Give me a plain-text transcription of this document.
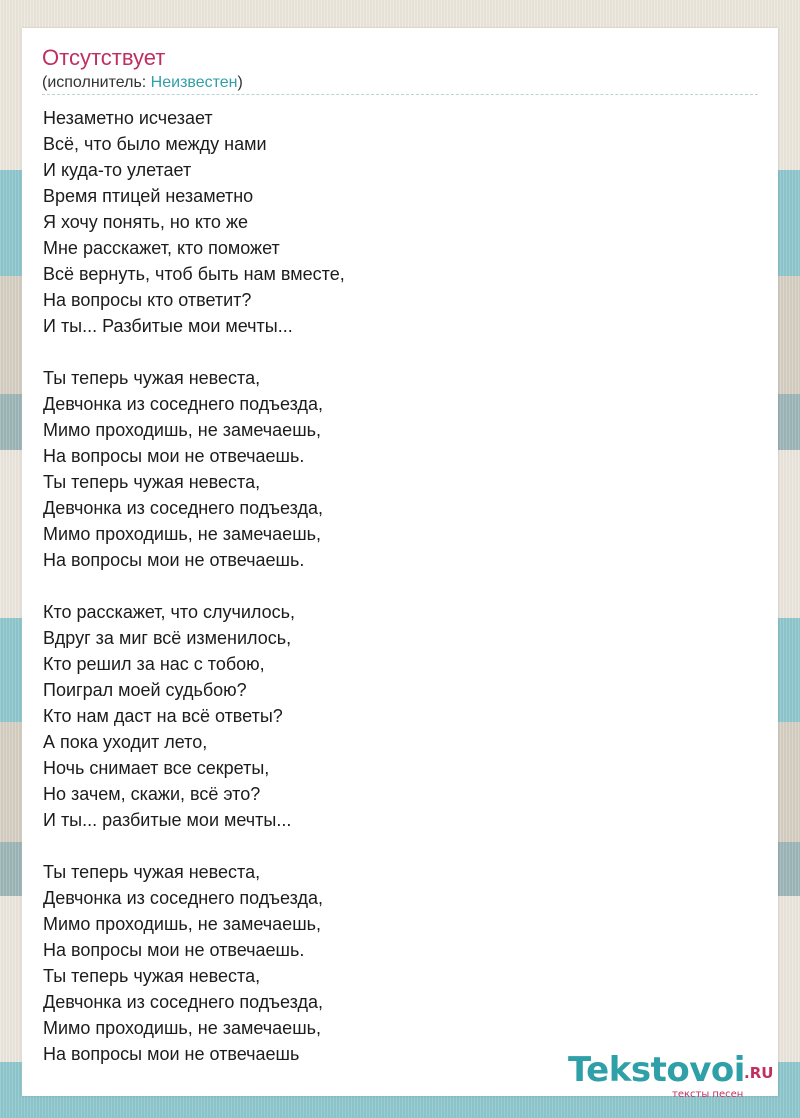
Отсутствует
(исполнитель: Неизвестен)
Незаметно исчезает
Всё, что было между нами
И куда-то улетает
Время птицей незаметно
Я хочу понять, но кто же
Мне расскажет, кто поможет
Всё вернуть, чтоб быть нам вместе,
На вопросы кто ответит?
И ты... Разбитые мои мечты...
Ты теперь чужая невеста,
Девчонка из соседнего подъезда,
Мимо проходишь, не замечаешь,
На вопросы мои не отвечаешь.
Ты теперь чужая невеста,
Девчонка из соседнего подъезда,
Мимо проходишь, не замечаешь,
На вопросы мои не отвечаешь.
Кто расскажет, что случилось,
Вдруг за миг всё изменилось,
Кто решил за нас с тобою,
Поиграл моей судьбою?
Кто нам даст на всё ответы?
А пока уходит лето,
Ночь снимает все секреты,
Но зачем, скажи, всё это?
И ты... разбитые мои мечты...
Ты теперь чужая невеста,
Девчонка из соседнего подъезда,
Мимо проходишь, не замечаешь,
На вопросы мои не отвечаешь.
Ты теперь чужая невеста,
Девчонка из соседнего подъезда,
Мимо проходишь, не замечаешь,
На вопросы мои не отвечаешь	Tekstovoi .RU
тексты песен
